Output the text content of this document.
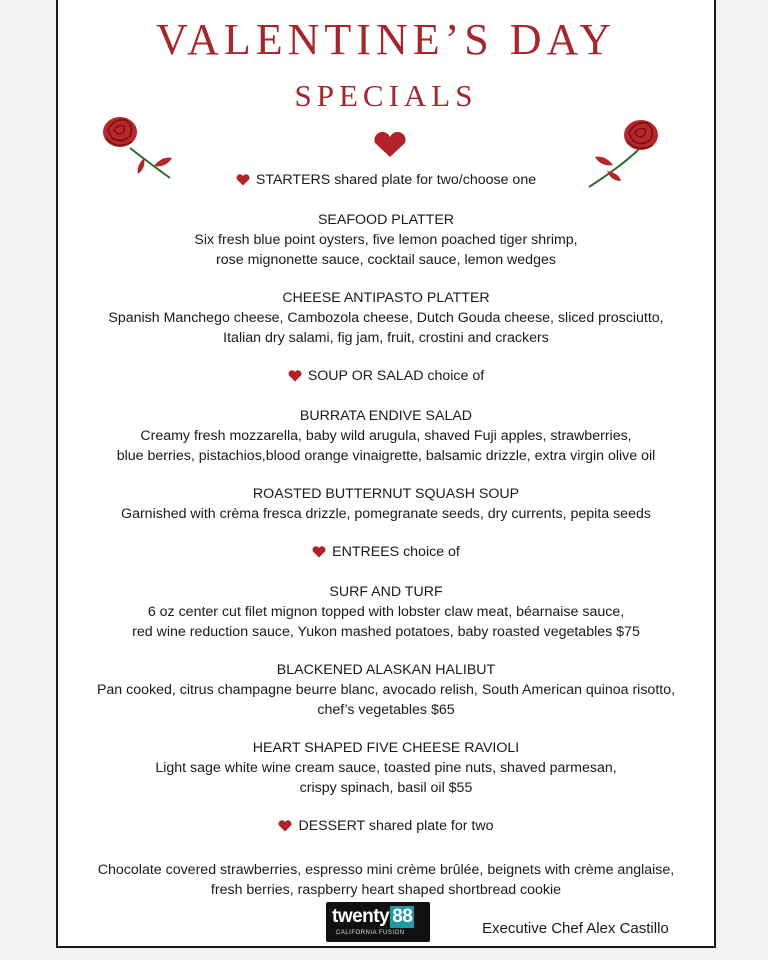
VALENTINE’S DAY
SPECIALS
STARTERS shared plate for two/choose one
SEAFOOD PLATTER
Six fresh blue point oysters, five lemon poached tiger shrimp,
rose mignonette sauce, cocktail sauce, lemon wedges
CHEESE ANTIPASTO PLATTER
Spanish Manchego cheese, Cambozola cheese, Dutch Gouda cheese, sliced prosciutto,
Italian dry salami, fig jam, fruit, crostini and crackers
SOUP OR SALAD choice of
BURRATA ENDIVE SALAD
Creamy fresh mozzarella, baby wild arugula, shaved Fuji apples, strawberries,
blue berries, pistachios,blood orange vinaigrette, balsamic drizzle, extra virgin olive oil
ROASTED BUTTERNUT SQUASH SOUP
Garnished with crèma fresca drizzle, pomegranate seeds, dry currents, pepita seeds
ENTREES choice of
SURF AND TURF
6 oz center cut filet mignon topped with lobster claw meat, béarnaise sauce,
red wine reduction sauce, Yukon mashed potatoes, baby roasted vegetables $75
BLACKENED ALASKAN HALIBUT
Pan cooked, citrus champagne beurre blanc, avocado relish, South American quinoa risotto,
chef’s vegetables $65
HEART SHAPED FIVE CHEESE RAVIOLI
Light sage white wine cream sauce, toasted pine nuts, shaved parmesan,
crispy spinach, basil oil $55
DESSERT shared plate for two
Chocolate covered strawberries, espresso mini crème brûlée, beignets with crème anglaise,
fresh berries, raspberry heart shaped shortbread cookie
twenty 88
CALIFORNIA FUSION	Executive Chef Alex Castillo
